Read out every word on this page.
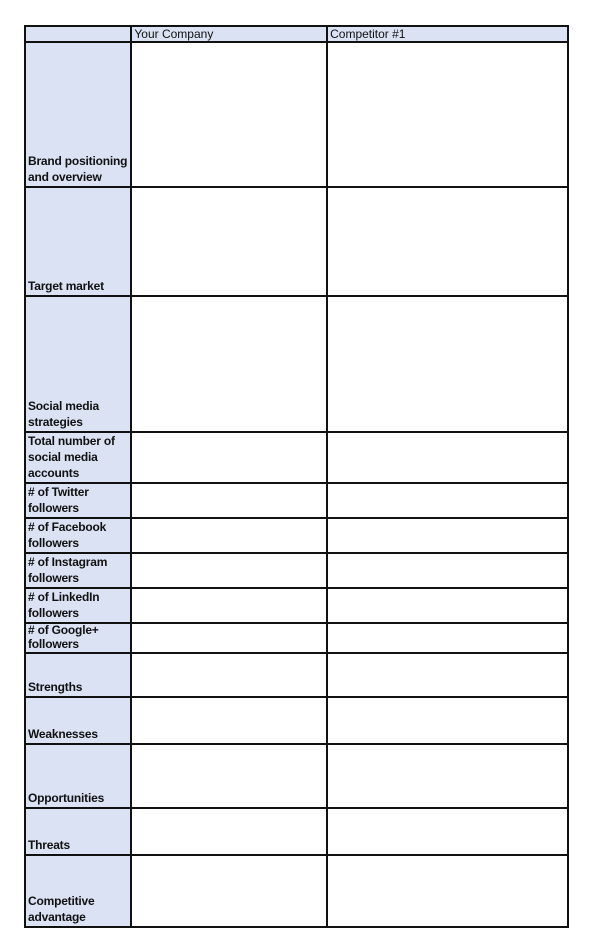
	Your Company	Competitor #1
Brand positioning and overview		
Target market		
Social media strategies		
Total number of social media accounts		
# of Twitter followers		
# of Facebook followers		
# of Instagram followers		
# of LinkedIn followers		

# of Google+ followers		

Strengths		
Weaknesses		
Opportunities		
Threats		
Competitive advantage		
